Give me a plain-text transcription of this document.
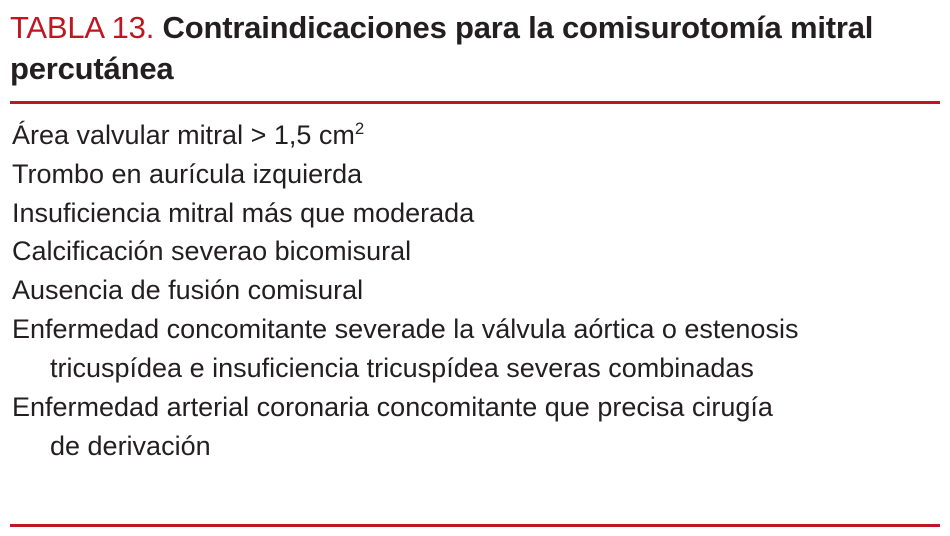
TABLA 13. Contraindicaciones para la comisurotomía mitral percutánea
Área valvular mitral > 1,5 $cm^2$
Trombo en aurícula izquierda
Insuficiencia mitral más que moderada
Calcificación severao bicomisural
Ausencia de fusión comisural
Enfermedad concomitante severade la válvula aórtica o estenosis
tricuspídea e insuficiencia tricuspídea severas combinadas
Enfermedad arterial coronaria concomitante que precisa cirugía
de derivación
